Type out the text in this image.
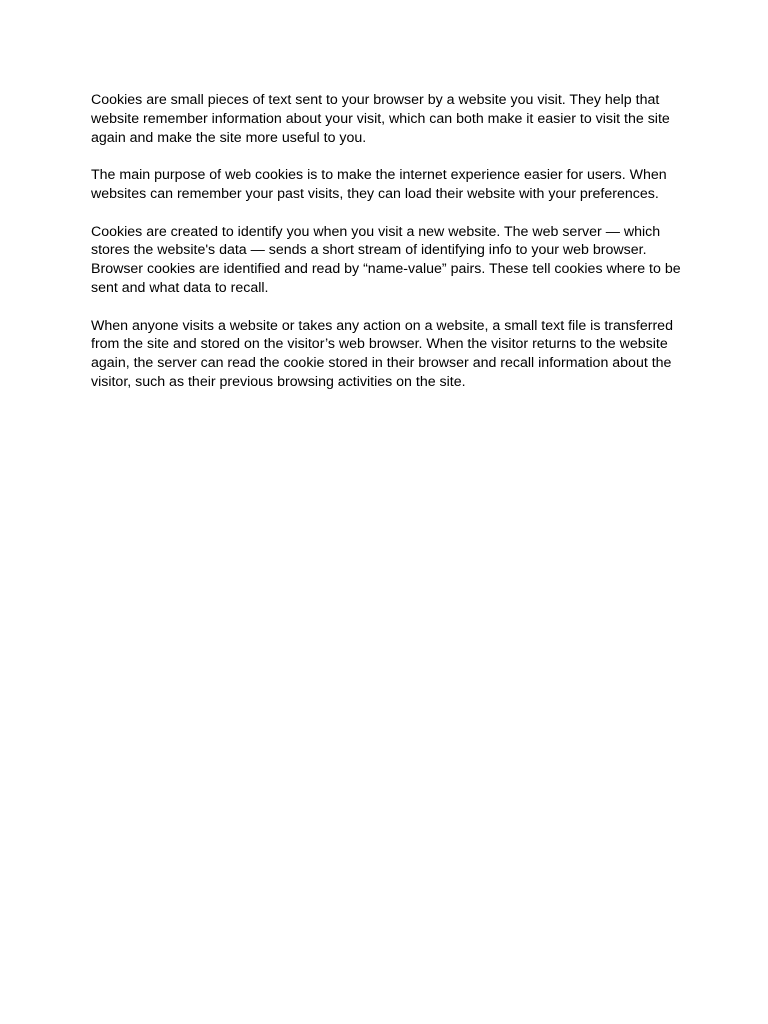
Cookies are small pieces of text sent to your browser by a website you visit. They help that website remember information about your visit, which can both make it easier to visit the site again and make the site more useful to you.

The main purpose of web cookies is to make the internet experience easier for users. When websites can remember your past visits, they can load their website with your preferences.

Cookies are created to identify you when you visit a new website. The web server — which stores the website's data — sends a short stream of identifying info to your web browser. Browser cookies are identified and read by “name-value” pairs. These tell cookies where to be sent and what data to recall.

When anyone visits a website or takes any action on a website, a small text file is transferred from the site and stored on the visitor’s web browser. When the visitor returns to the website again, the server can read the cookie stored in their browser and recall information about the visitor, such as their previous browsing activities on the site.
